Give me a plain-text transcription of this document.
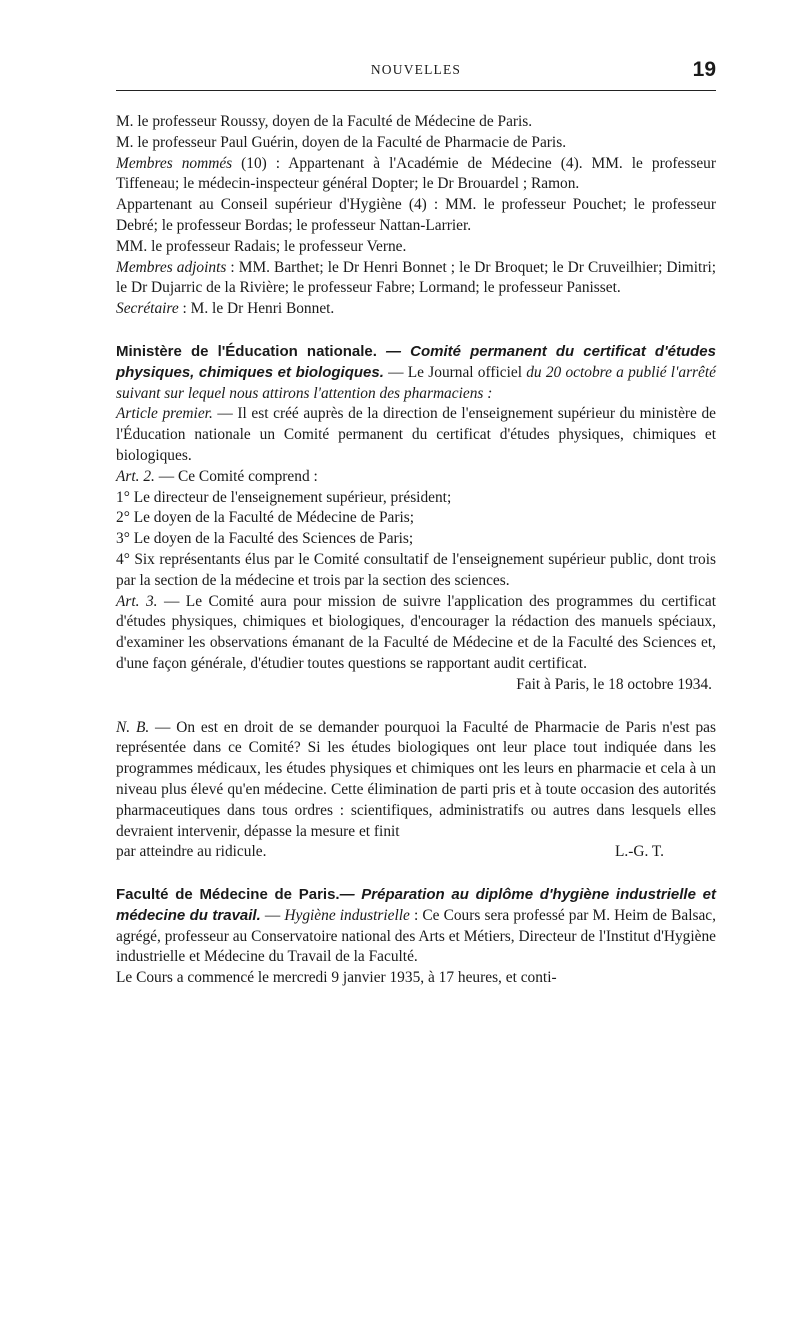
NOUVELLES	19

M. le professeur Roussy, doyen de la Faculté de Médecine de Paris.

M. le professeur Paul Guérin, doyen de la Faculté de Pharmacie de Paris.

Membres nommés (10) : Appartenant à l'Académie de Médecine (4). MM. le professeur Tiffeneau; le médecin-inspecteur général Dopter; le Dr Brouardel ; Ramon.

Appartenant au Conseil supérieur d'Hygiène (4) : MM. le professeur Pouchet; le professeur Debré; le professeur Bordas; le professeur Nattan-Larrier.

MM. le professeur Radais; le professeur Verne.

Membres adjoints : MM. Barthet; le Dr Henri Bonnet ; le Dr Broquet; le Dr Cruveilhier; Dimitri; le Dr Dujarric de la Rivière; le professeur Fabre; Lormand; le professeur Panisset.

Secrétaire : M. le Dr Henri Bonnet.

Ministère de l'Éducation nationale. — Comité permanent du certificat d'études physiques, chimiques et biologiques. — Le Journal officiel du 20 octobre a publié l'arrêté suivant sur lequel nous attirons l'attention des pharmaciens :

Article premier. — Il est créé auprès de la direction de l'enseignement supérieur du ministère de l'Éducation nationale un Comité permanent du certificat d'études physiques, chimiques et biologiques.

Art. 2. — Ce Comité comprend :

1° Le directeur de l'enseignement supérieur, président;

2° Le doyen de la Faculté de Médecine de Paris;

3° Le doyen de la Faculté des Sciences de Paris;

4° Six représentants élus par le Comité consultatif de l'enseignement supérieur public, dont trois par la section de la médecine et trois par la section des sciences.

Art. 3. — Le Comité aura pour mission de suivre l'application des programmes du certificat d'études physiques, chimiques et biologiques, d'encourager la rédaction des manuels spéciaux, d'examiner les observations émanant de la Faculté de Médecine et de la Faculté des Sciences et, d'une façon générale, d'étudier toutes questions se rapportant audit certificat.

Fait à Paris, le 18 octobre 1934.

N. B. — On est en droit de se demander pourquoi la Faculté de Pharmacie de Paris n'est pas représentée dans ce Comité? Si les études biologiques ont leur place tout indiquée dans les programmes médicaux, les études physiques et chimiques ont les leurs en pharmacie et cela à un niveau plus élevé qu'en médecine. Cette élimination de parti pris et à toute occasion des autorités pharmaceutiques dans tous ordres : scientifiques, administratifs ou autres dans lesquels elles devraient intervenir, dépasse la mesure et finit

par atteindre au ridicule.	L.-G. T.

Faculté de Médecine de Paris.— Préparation au diplôme d'hygiène industrielle et médecine du travail. — Hygiène industrielle : Ce Cours sera professé par M. Heim de Balsac, agrégé, professeur au Conservatoire national des Arts et Métiers, Directeur de l'Institut d'Hygiène industrielle et Médecine du Travail de la Faculté.

Le Cours a commencé le mercredi 9 janvier 1935, à 17 heures, et conti-
